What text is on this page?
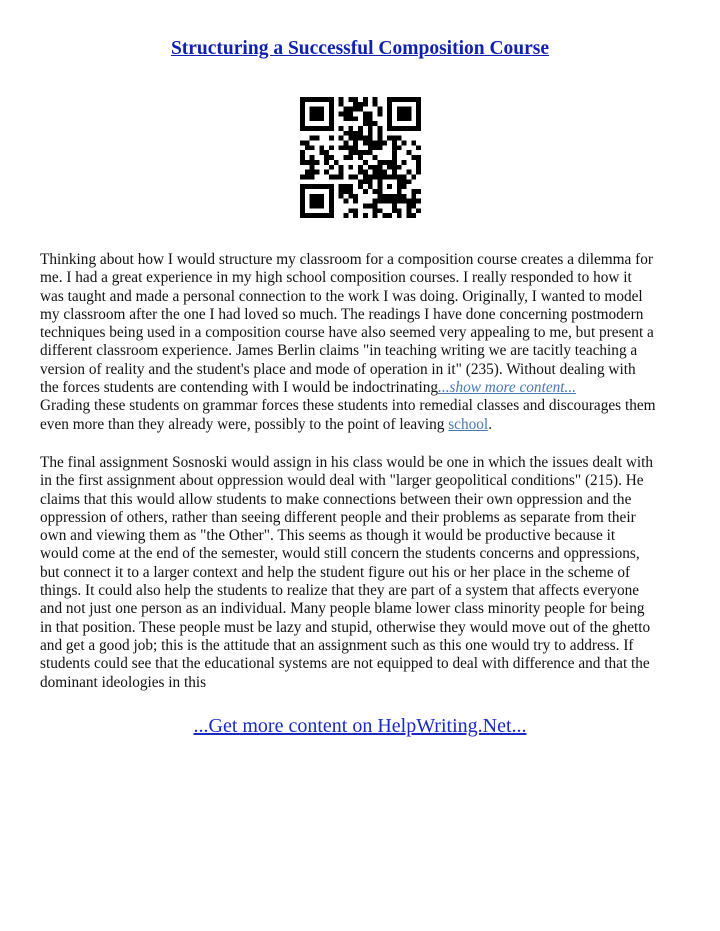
Structuring a Successful Composition Course

Thinking about how I would structure my classroom for a composition course creates a dilemma for
me. I had a great experience in my high school composition courses. I really responded to how it
was taught and made a personal connection to the work I was doing. Originally, I wanted to model
my classroom after the one I had loved so much. The readings I have done concerning postmodern
techniques being used in a composition course have also seemed very appealing to me, but present a
different classroom experience. James Berlin claims "in teaching writing we are tacitly teaching a
version of reality and the student's place and mode of operation in it" (235). Without dealing with
the forces students are contending with I would be indoctrinating...show more content...
Grading these students on grammar forces these students into remedial classes and discourages them
even more than they already were, possibly to the point of leaving school.

The final assignment Sosnoski would assign in his class would be one in which the issues dealt with
in the first assignment about oppression would deal with "larger geopolitical conditions" (215). He
claims that this would allow students to make connections between their own oppression and the
oppression of others, rather than seeing different people and their problems as separate from their
own and viewing them as "the Other". This seems as though it would be productive because it
would come at the end of the semester, would still concern the students concerns and oppressions,
but connect it to a larger context and help the student figure out his or her place in the scheme of
things. It could also help the students to realize that they are part of a system that affects everyone
and not just one person as an individual. Many people blame lower class minority people for being
in that position. These people must be lazy and stupid, otherwise they would move out of the ghetto
and get a good job; this is the attitude that an assignment such as this one would try to address. If
students could see that the educational systems are not equipped to deal with difference and that the
dominant ideologies in this

...Get more content on HelpWriting.Net...
